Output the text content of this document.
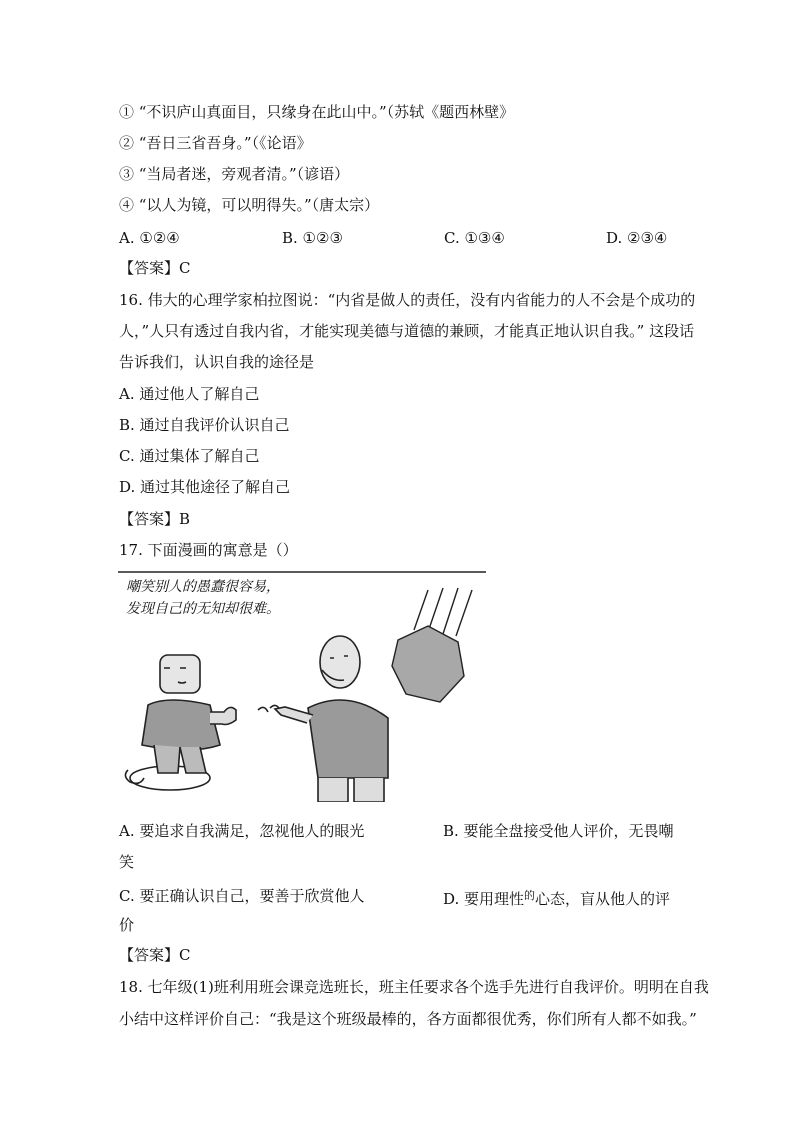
① “不识庐山真面目，只缘身在此山中。”（苏轼《题西林壁》
② “吾日三省吾身。”（《论语》
③ “当局者迷，旁观者清。”（谚语）
④ “以人为镜，可以明得失。”（唐太宗）
A. ①②④	B. ①②③	C. ①③④	D. ②③④
【答案】C
16. 伟大的心理学家柏拉图说：“内省是做人的责任，没有内省能力的人不会是个成功的
人，”人只有透过自我内省，才能实现美德与道德的兼顾，才能真正地认识自我。” 这段话
告诉我们，认识自我的途径是
A. 通过他人了解自己
B. 通过自我评价认识自己
C. 通过集体了解自己
D. 通过其他途径了解自己
【答案】B
17. 下面漫画的寓意是（）
嘲笑别人的愚蠢很容易，
发现自己的无知却很难。
A. 要追求自我满足，忽视他人的眼光	B. 要能全盘接受他人评价，无畏嘲
笑
C. 要正确认识自己，要善于欣赏他人	D. 要用理性$^的$心态，盲从他人的评
价
【答案】C
18. 七年级(1)班利用班会课竞选班长，班主任要求各个选手先进行自我评价。明明在自我
小结中这样评价自己：“我是这个班级最棒的，各方面都很优秀，你们所有人都不如我。”
